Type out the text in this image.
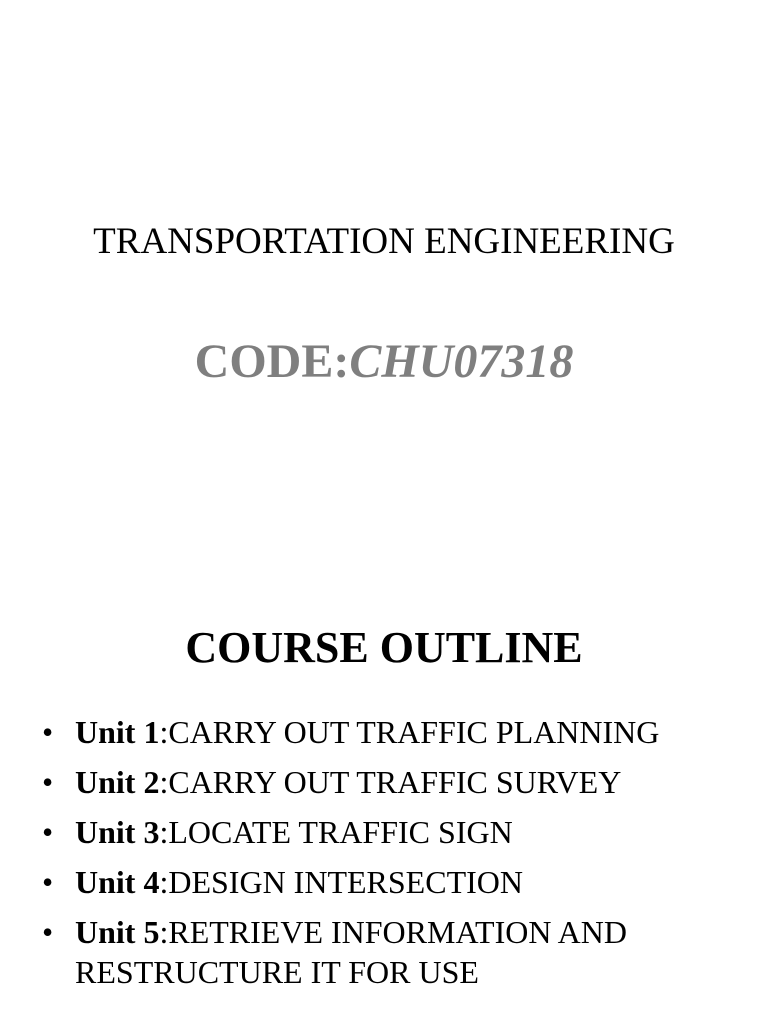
TRANSPORTATION ENGINEERING
CODE:CHU07318
COURSE OUTLINE
• Unit 1:CARRY OUT TRAFFIC PLANNING
• Unit 2:CARRY OUT TRAFFIC SURVEY
• Unit 3:LOCATE TRAFFIC SIGN
• Unit 4:DESIGN INTERSECTION
• Unit 5:RETRIEVE INFORMATION AND RESTRUCTURE IT FOR USE
